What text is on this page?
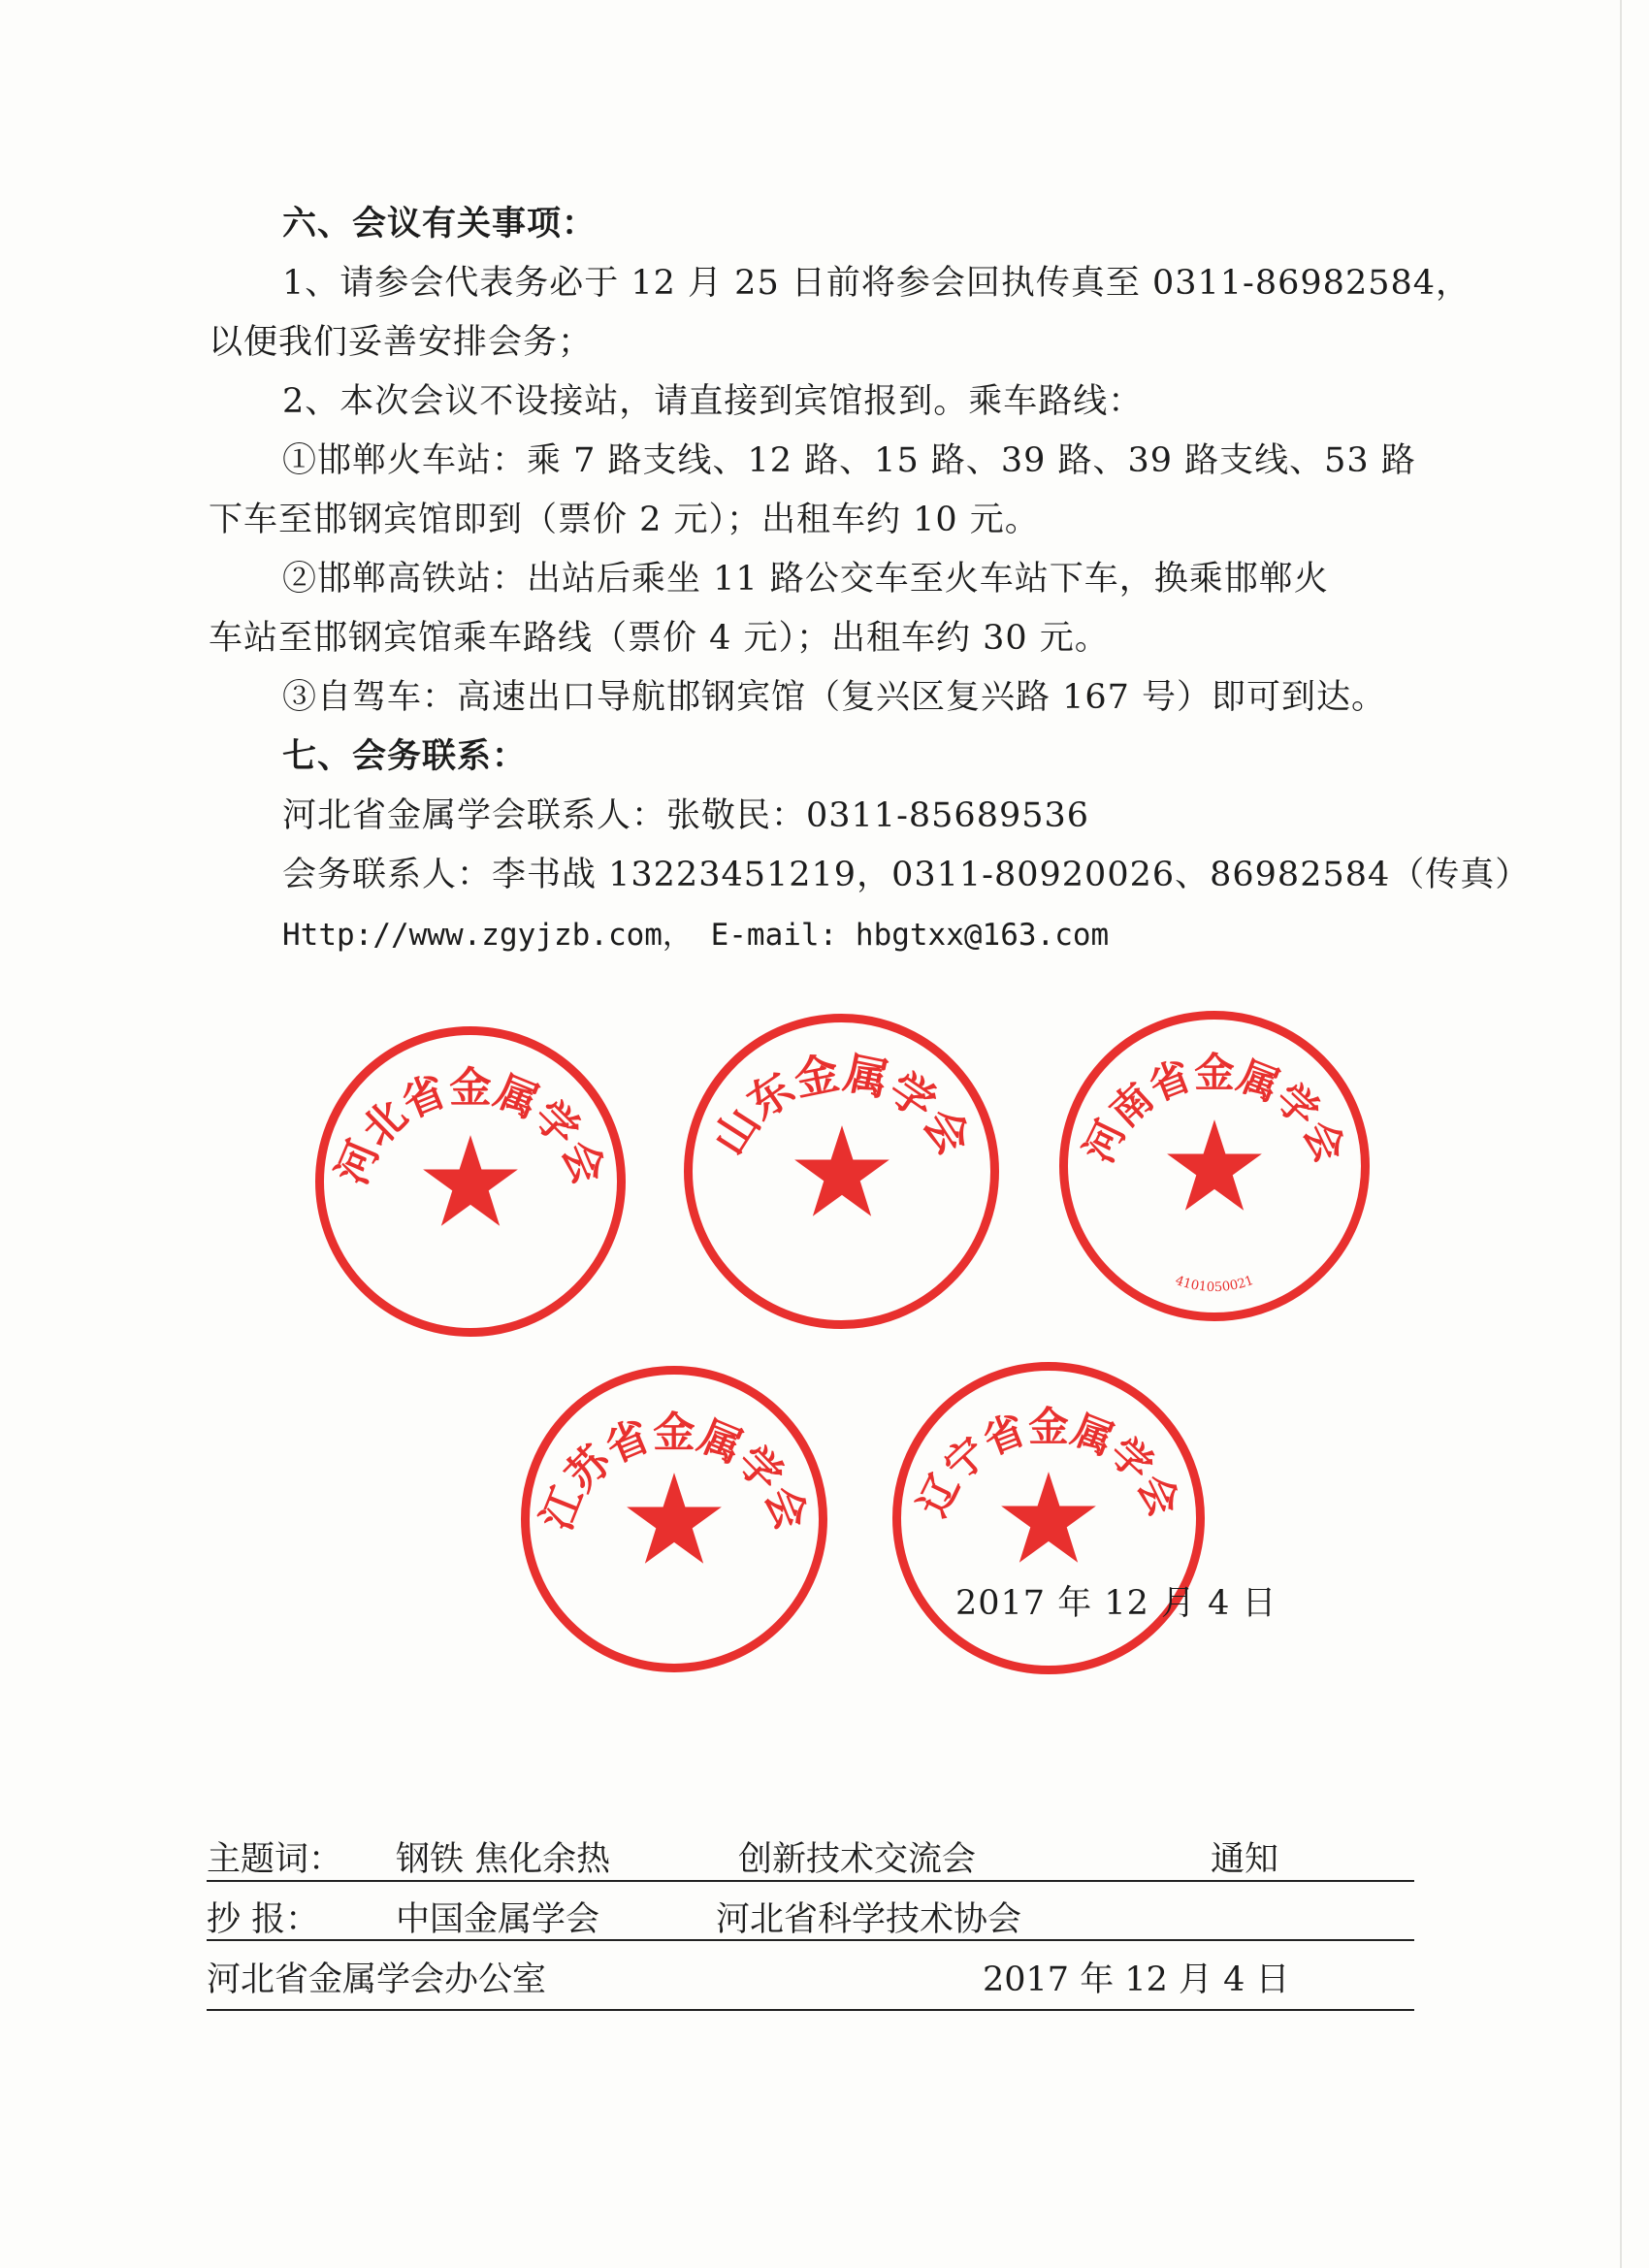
六、会议有关事项：
1、请参会代表务必于 12 月 25 日前将参会回执传真至 0311-86982584，
以便我们妥善安排会务；
2、本次会议不设接站，请直接到宾馆报到。乘车路线：
①邯郸火车站：乘 7 路支线、12 路、15 路、39 路、39 路支线、53 路
下车至邯钢宾馆即到（票价 2 元）；出租车约 10 元。
②邯郸高铁站：出站后乘坐 11 路公交车至火车站下车，换乘邯郸火
车站至邯钢宾馆乘车路线（票价 4 元）；出租车约 30 元。
③自驾车：高速出口导航邯钢宾馆（复兴区复兴路 167 号）即可到达。
七、会务联系：
河北省金属学会联系人：张敬民：0311-85689536
会务联系人：李书战 13223451219，0311-80920026、86982584（传真）
Http://www.zgyjzb.com， E-mail: hbgtxx@163.com
河北省金属学会 山东金属学会 河南省金属学会
4101050021
江苏省金属学会 辽宁省金属学会
2017 年 12 月 4 日
主题词： 钢铁 焦化余热	创新技术交流会	通知
抄 报： 中国金属学会	河北省科学技术协会
河北省金属学会办公室	2017 年 12 月 4 日
